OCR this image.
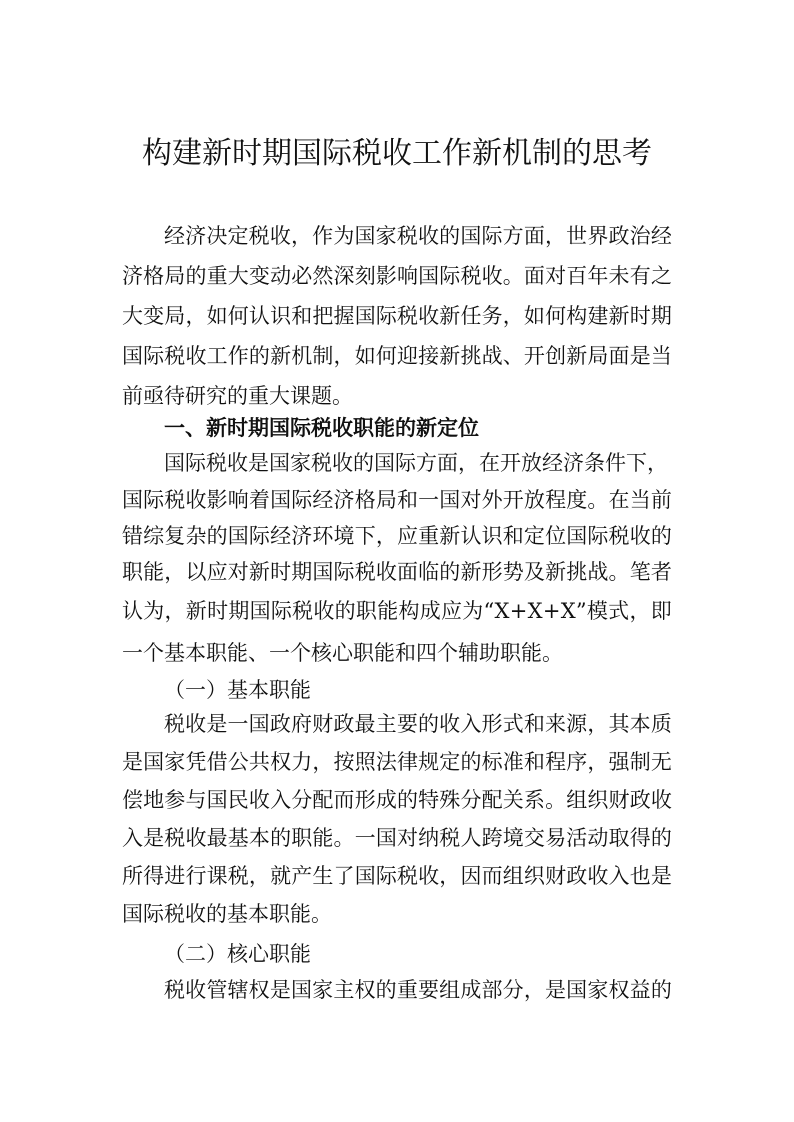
构建新时期国际税收工作新机制的思考
经济决定税收，作为国家税收的国际方面，世界政治经
济格局的重大变动必然深刻影响国际税收。面对百年未有之
大变局，如何认识和把握国际税收新任务，如何构建新时期
国际税收工作的新机制，如何迎接新挑战、开创新局面是当
前亟待研究的重大课题。
一、新时期国际税收职能的新定位
国际税收是国家税收的国际方面，在开放经济条件下，
国际税收影响着国际经济格局和一国对外开放程度。在当前
错综复杂的国际经济环境下，应重新认识和定位国际税收的
职能，以应对新时期国际税收面临的新形势及新挑战。笔者
认为，新时期国际税收的职能构成应为“X+X+X”模式，即
一个基本职能、一个核心职能和四个辅助职能。
（一）基本职能
税收是一国政府财政最主要的收入形式和来源，其本质
是国家凭借公共权力，按照法律规定的标准和程序，强制无
偿地参与国民收入分配而形成的特殊分配关系。组织财政收
入是税收最基本的职能。一国对纳税人跨境交易活动取得的
所得进行课税，就产生了国际税收，因而组织财政收入也是
国际税收的基本职能。
（二）核心职能
税收管辖权是国家主权的重要组成部分，是国家权益的
